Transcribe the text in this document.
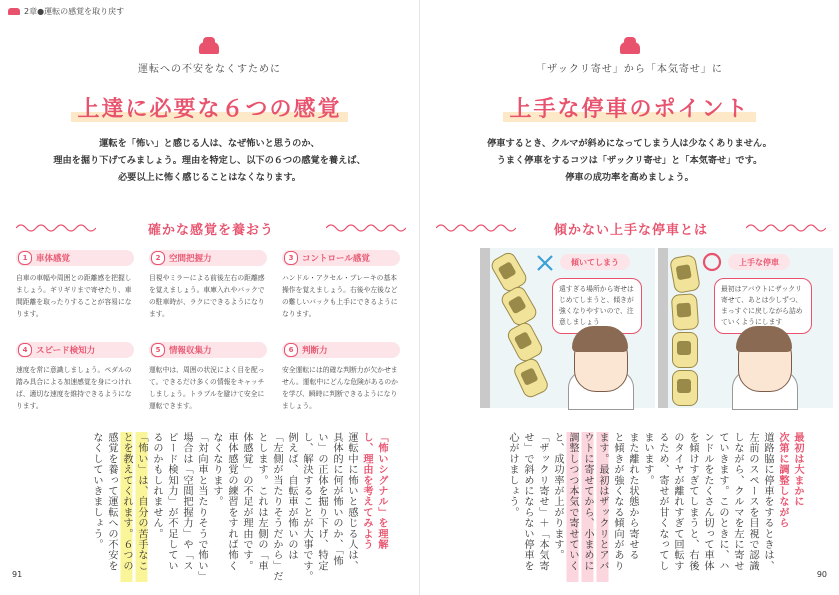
2章●運転の感覚を取り戻す
運転への不安をなくすために
上達に必要な６つの感覚
運転を「怖い」と感じる人は、なぜ怖いと思うのか、
理由を掘り下げてみましょう。理由を特定し、以下の６つの感覚を養えば、
必要以上に怖く感じることはなくなります。
確かな感覚を養おう
1	車体感覚
自車の車幅や周囲との距離感を把握しましょう。ギリギリまで寄せたり、車間距離を取ったりすることが容易になります。
2	空間把握力
目視やミラーによる前後左右の距離感を覚えましょう。車庫入れやバックでの駐車時が、ラクにできるようになります。
3	コントロール感覚
ハンドル・アクセル・ブレーキの基本操作を覚えましょう。右後や左後などの難しいバックも上手にできるようになります。
4	スピード検知力
速度を常に意識しましょう。ペダルの踏み具合による加速感覚を身につければ、適切な速度を維持できるようになります。
5	情報収集力
運転中は、周囲の状況によく目を配って。できるだけ多くの情報をキャッチしましょう。トラブルを避けて安全に運転できます。
6	判断力
安全運転には的確な判断力が欠かせません。運転中にどんな危険があるのかを学び、瞬時に判断できるようになりましょう。
「怖いシグナル」を理解
し、理由を考えてみよう
運転中に怖いと感じる人は、
具体的に何が怖いのか、「怖
い」の正体を掘り下げ、特定
し、解決することが大事です。
例えば、自転車が怖いのは
「左側が当たりそうだから」だ
とします。これは左側の「車
体感覚」の不足が理由です。
車体感覚の練習をすれば怖く
なくなります。
「対向車と当たりそうで怖い」
場合は「空間把握力」や「ス
ピード検知力」が不足してい
るのかもしれません。
「怖い」は、自分の苦手なこ
とを教えてくれます。６つの
感覚を養って運転への不安を
なくしていきましょう。
91
「ザックリ寄せ」から「本気寄せ」に
上手な停車のポイント
停車するとき、クルマが斜めになってしまう人は少なくありません。
うまく停車をするコツは「ザックリ寄せ」と「本気寄せ」です。
停車の成功率を高めましょう。
傾かない上手な停車とは
傾いてしまう
遠すぎる場所から寄せはじめてしまうと、傾きが強くなりやすいので、注意しましょう
上手な停車
最初はアバウトにザックリ寄せて、あとは少しずつ、まっすぐに戻しながら詰めていくようにします
最初は大まかに
次第に調整しながら
道路脇に停車をするときは、
左前のスペースを目視で認識
しながら、クルマを左に寄せ
ていきます。このときに、ハ
ンドルをたくさん切って車体
を傾けすぎてしまうと、右後
のタイヤが離れすぎて回転す
るため、寄せが甘くなってし
まいます。
また離れた状態から寄せる
と傾きが強くなる傾向があり
ます。最初はザックリとアバ
ウトに寄せてから、小まめに
調整しつつ本気で寄せていく
と、成功率が上がります。
「ザックリ寄せ」＋「本気寄
せ」で斜めにならない停車を
心がけましょう。
90
